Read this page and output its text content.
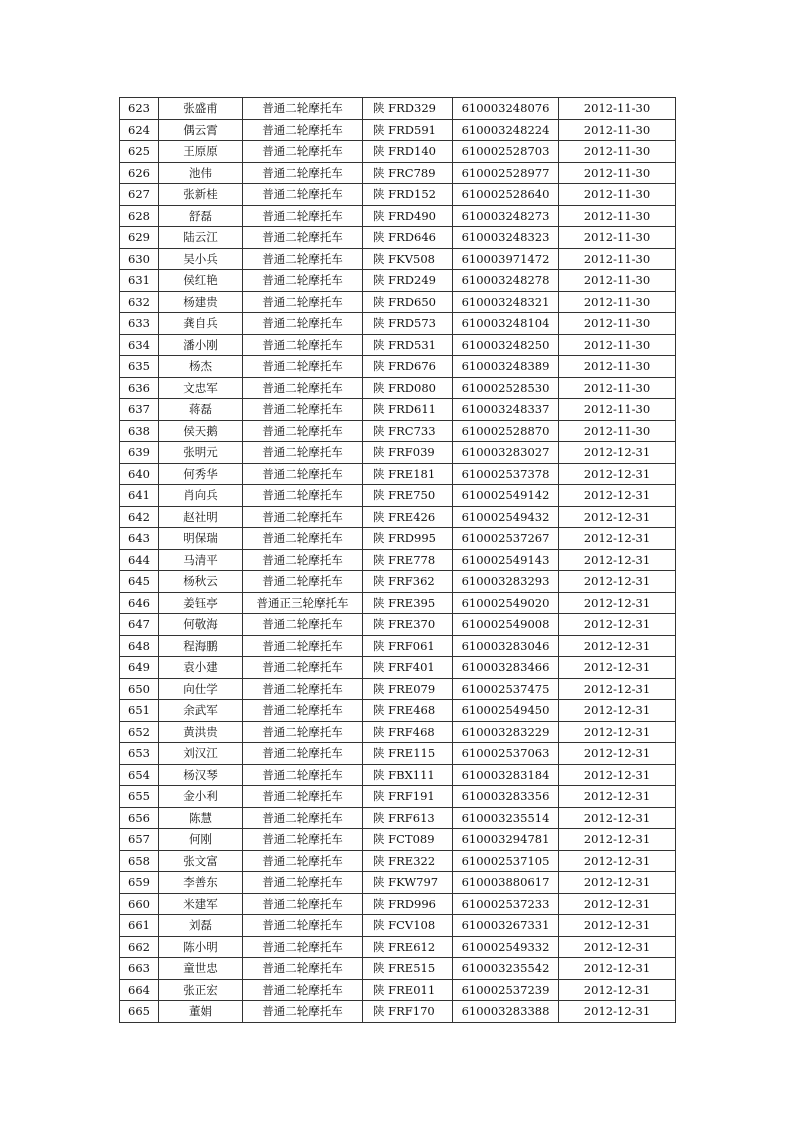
623	张盛甫	普通二轮摩托车	陕 FRD329	610003248076	2012-11-30
624	偶云霄	普通二轮摩托车	陕 FRD591	610003248224	2012-11-30
625	王原原	普通二轮摩托车	陕 FRD140	610002528703	2012-11-30
626	池伟	普通二轮摩托车	陕 FRC789	610002528977	2012-11-30
627	张新桂	普通二轮摩托车	陕 FRD152	610002528640	2012-11-30
628	舒磊	普通二轮摩托车	陕 FRD490	610003248273	2012-11-30
629	陆云江	普通二轮摩托车	陕 FRD646	610003248323	2012-11-30
630	吴小兵	普通二轮摩托车	陕 FKV508	610003971472	2012-11-30
631	侯红艳	普通二轮摩托车	陕 FRD249	610003248278	2012-11-30
632	杨建贵	普通二轮摩托车	陕 FRD650	610003248321	2012-11-30
633	龚自兵	普通二轮摩托车	陕 FRD573	610003248104	2012-11-30
634	潘小刚	普通二轮摩托车	陕 FRD531	610003248250	2012-11-30
635	杨杰	普通二轮摩托车	陕 FRD676	610003248389	2012-11-30
636	文忠军	普通二轮摩托车	陕 FRD080	610002528530	2012-11-30
637	蒋磊	普通二轮摩托车	陕 FRD611	610003248337	2012-11-30
638	侯天鹅	普通二轮摩托车	陕 FRC733	610002528870	2012-11-30
639	张明元	普通二轮摩托车	陕 FRF039	610003283027	2012-12-31
640	何秀华	普通二轮摩托车	陕 FRE181	610002537378	2012-12-31
641	肖向兵	普通二轮摩托车	陕 FRE750	610002549142	2012-12-31
642	赵社明	普通二轮摩托车	陕 FRE426	610002549432	2012-12-31
643	明保瑞	普通二轮摩托车	陕 FRD995	610002537267	2012-12-31
644	马清平	普通二轮摩托车	陕 FRE778	610002549143	2012-12-31
645	杨秋云	普通二轮摩托车	陕 FRF362	610003283293	2012-12-31
646	姜钰亭	普通正三轮摩托车	陕 FRE395	610002549020	2012-12-31
647	何敬海	普通二轮摩托车	陕 FRE370	610002549008	2012-12-31
648	程海鹏	普通二轮摩托车	陕 FRF061	610003283046	2012-12-31
649	袁小建	普通二轮摩托车	陕 FRF401	610003283466	2012-12-31
650	向仕学	普通二轮摩托车	陕 FRE079	610002537475	2012-12-31
651	余武军	普通二轮摩托车	陕 FRE468	610002549450	2012-12-31
652	黄洪贵	普通二轮摩托车	陕 FRF468	610003283229	2012-12-31
653	刘汉江	普通二轮摩托车	陕 FRE115	610002537063	2012-12-31
654	杨汉琴	普通二轮摩托车	陕 FBX111	610003283184	2012-12-31
655	金小利	普通二轮摩托车	陕 FRF191	610003283356	2012-12-31
656	陈慧	普通二轮摩托车	陕 FRF613	610003235514	2012-12-31
657	何刚	普通二轮摩托车	陕 FCT089	610003294781	2012-12-31
658	张文富	普通二轮摩托车	陕 FRE322	610002537105	2012-12-31
659	李善东	普通二轮摩托车	陕 FKW797	610003880617	2012-12-31
660	米建军	普通二轮摩托车	陕 FRD996	610002537233	2012-12-31
661	刘磊	普通二轮摩托车	陕 FCV108	610003267331	2012-12-31
662	陈小明	普通二轮摩托车	陕 FRE612	610002549332	2012-12-31
663	童世忠	普通二轮摩托车	陕 FRE515	610003235542	2012-12-31
664	张正宏	普通二轮摩托车	陕 FRE011	610002537239	2012-12-31
665	董娟	普通二轮摩托车	陕 FRF170	610003283388	2012-12-31
